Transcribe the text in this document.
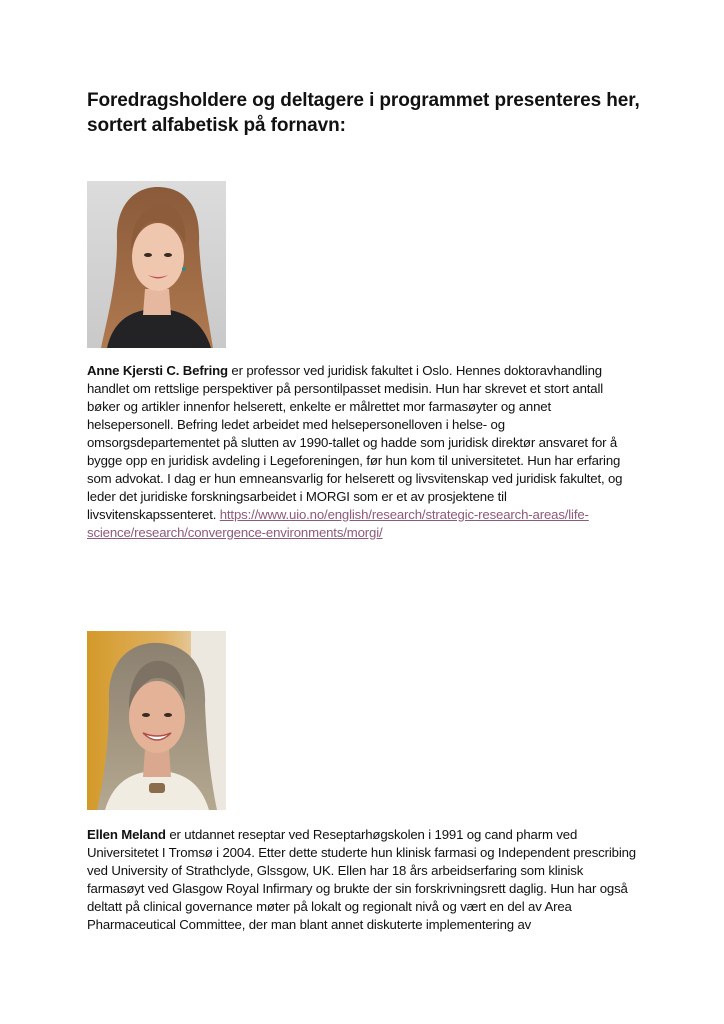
Foredragsholdere og deltagere i programmet presenteres her, sortert alfabetisk på fornavn:

Anne Kjersti C. Befring er professor ved juridisk fakultet i Oslo. Hennes doktoravhandling handlet om rettslige perspektiver på persontilpasset medisin. Hun har skrevet et stort antall bøker og artikler innenfor helserett, enkelte er målrettet mor farmasøyter og annet helsepersonell. Befring ledet arbeidet med helsepersonelloven i helse- og omsorgsdepartementet på slutten av 1990-tallet og hadde som juridisk direktør ansvaret for å bygge opp en juridisk avdeling i Legeforeningen, før hun kom til universitetet. Hun har erfaring som advokat. I dag er hun emneansvarlig for helserett og livsvitenskap ved juridisk fakultet, og leder det juridiske forskningsarbeidet i MORGI som er et av prosjektene til livsvitenskapssenteret. https://www.uio.no/english/research/strategic-research-areas/life-science/research/convergence-environments/morgi/

Ellen Meland er utdannet reseptar ved Reseptarhøgskolen i 1991 og cand pharm ved Universitetet I Tromsø i 2004. Etter dette studerte hun klinisk farmasi og Independent prescribing ved University of Strathclyde, Glssgow, UK. Ellen har 18 års arbeidserfaring som klinisk farmasøyt ved Glasgow Royal Infirmary og brukte der sin forskrivningsrett daglig. Hun har også deltatt på clinical governance møter på lokalt og regionalt nivå og vært en del av Area Pharmaceutical Committee, der man blant annet diskuterte implementering av
